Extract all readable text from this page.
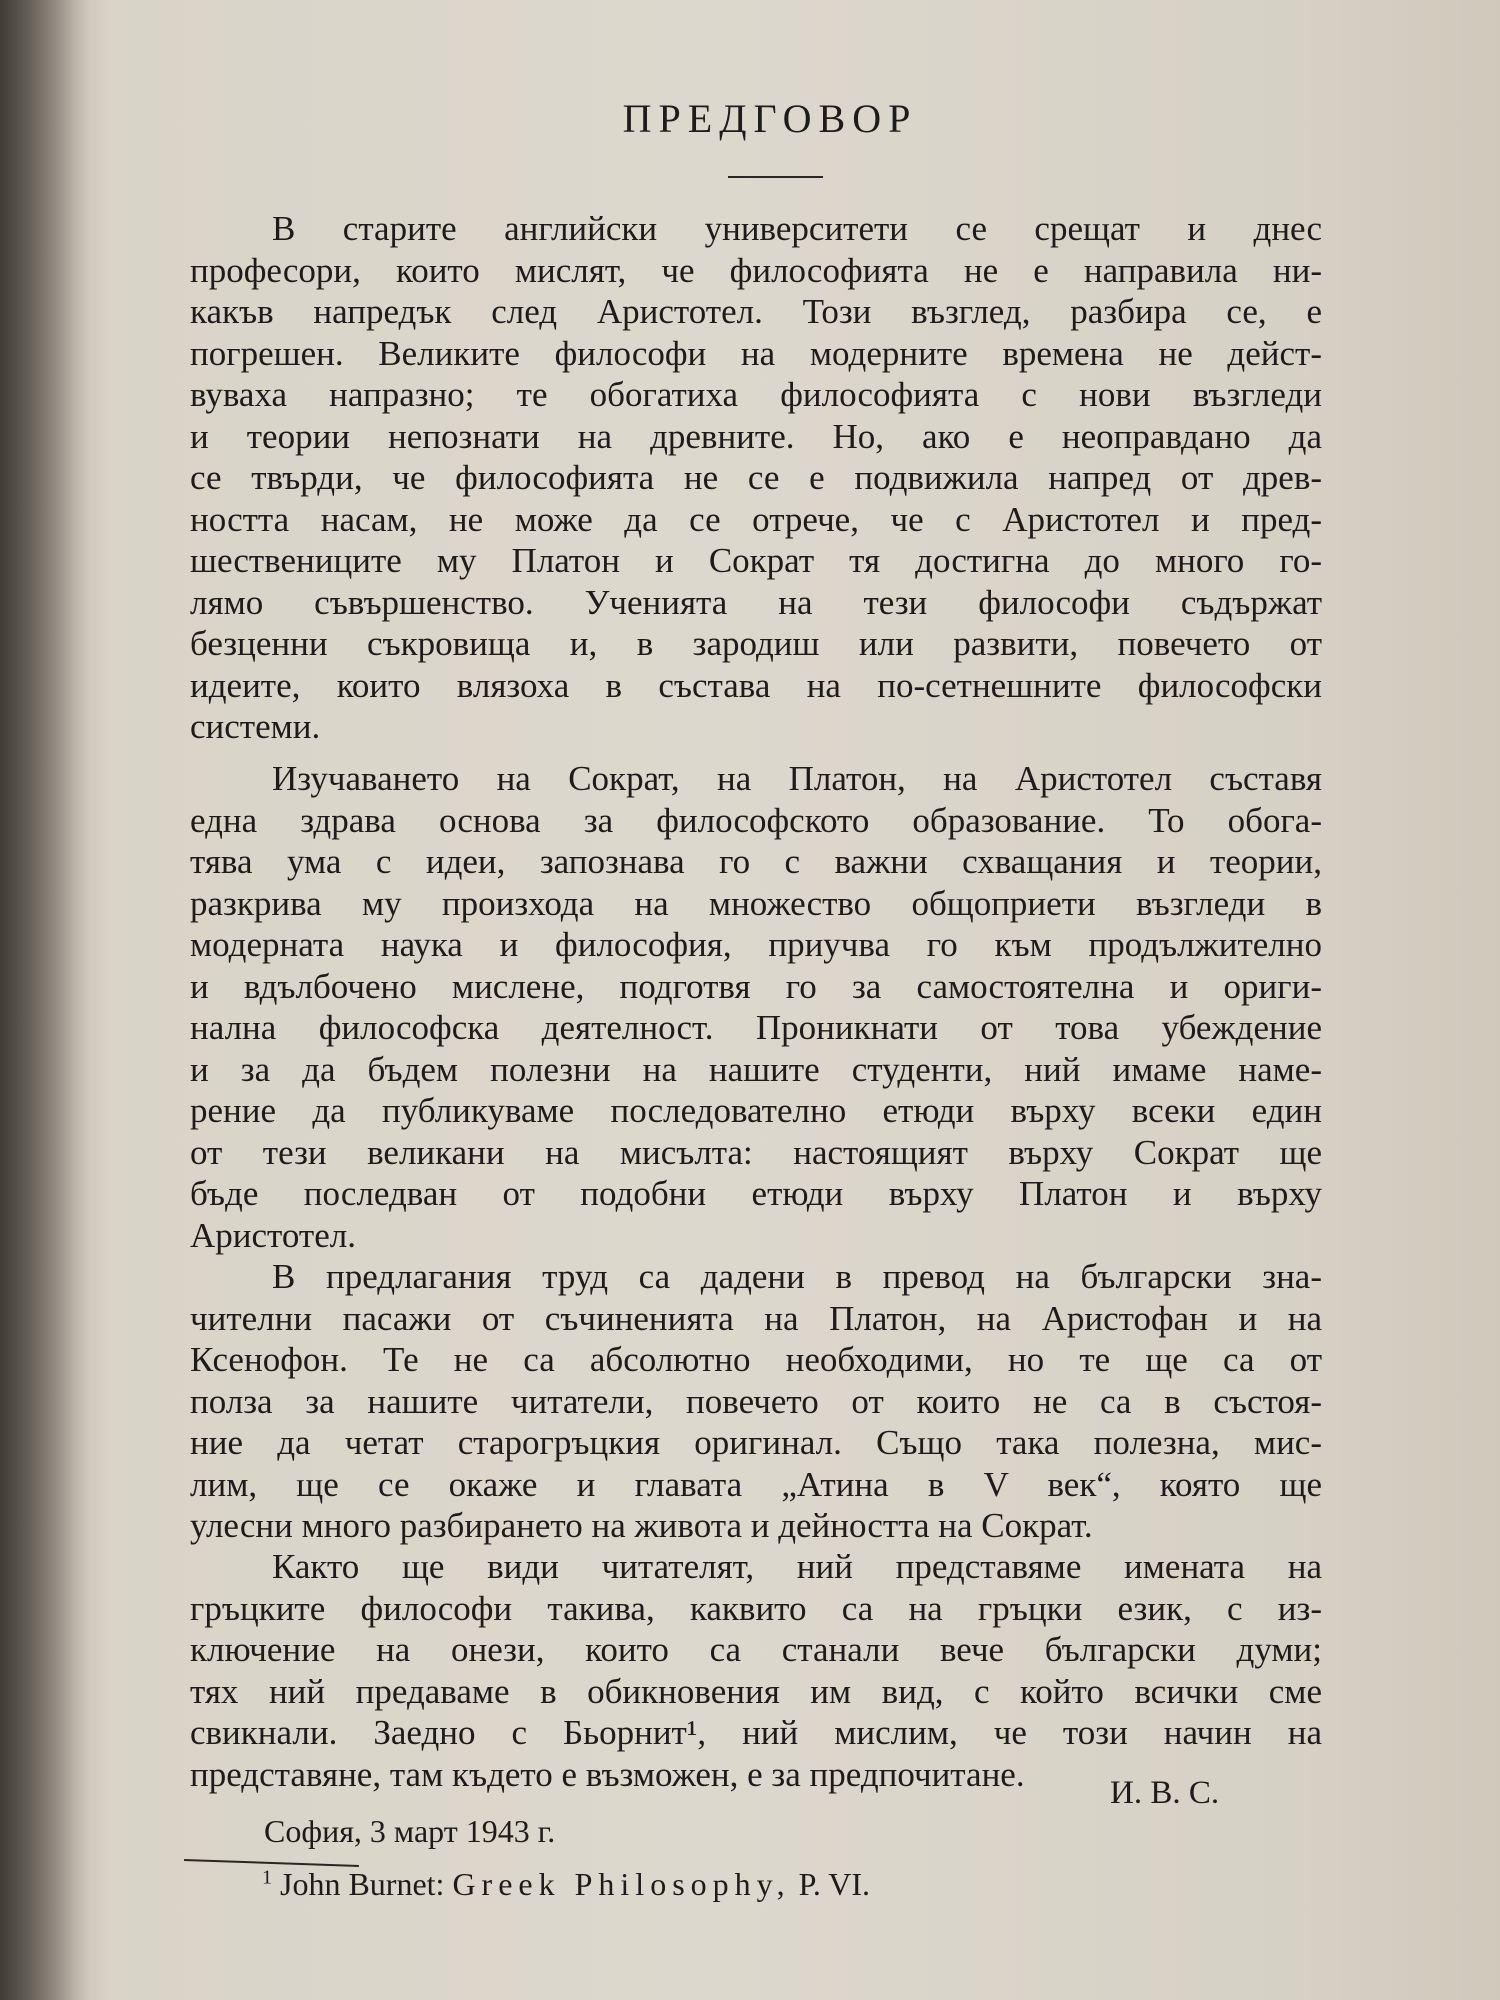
ПРЕДГОВОР
В старите английски университети се срещат и днес
професори, които мислят, че философията не е направила ни-
какъв напредък след Аристотел. Този възглед, разбира се, е
погрешен. Великите философи на модерните времена не дейст-
вуваха напразно; те обогатиха философията с нови възгледи
и теории непознати на древните. Но, ако е неоправдано да
се твърди, че философията не се е подвижила напред от древ-
ността насам, не може да се отрече, че с Аристотел и пред-
шествениците му Платон и Сократ тя достигна до много го-
лямо съвършенство. Ученията на тези философи съдържат
безценни съкровища и, в зародиш или развити, повечето от
идеите, които влязоха в състава на по-сетнешните философски
системи.
Изучаването на Сократ, на Платон, на Аристотел съставя
една здрава основа за философското образование. То обога-
тява ума с идеи, запознава го с важни схващания и теории,
разкрива му произхода на множество общоприети възгледи в
модерната наука и философия, приучва го към продължително
и вдълбочено мислене, подготвя го за самостоятелна и ориги-
нална философска деятелност. Проникнати от това убеждение
и за да бъдем полезни на нашите студенти, ний имаме наме-
рение да публикуваме последователно етюди върху всеки един
от тези великани на мисълта: настоящият върху Сократ ще
бъде последван от подобни етюди върху Платон и върху
Аристотел.
В предлагания труд са дадени в превод на български зна-
чителни пасажи от съчиненията на Платон, на Аристофан и на
Ксенофон. Те не са абсолютно необходими, но те ще са от
полза за нашите читатели, повечето от които не са в състоя-
ние да четат старогръцкия оригинал. Също така полезна, мис-
лим, ще се окаже и главата „Атина в V век“, която ще
улесни много разбирането на живота и дейността на Сократ.
Както ще види читателят, ний представяме имената на
гръцките философи такива, каквито са на гръцки език, с из-
ключение на онези, които са станали вече български думи;
тях ний предаваме в обикновения им вид, с който всички сме
свикнали. Заедно с Бьорнит¹, ний мислим, че този начин на
представяне, там където е възможен, е за предпочитане.	И. В. С.
София, 3 март 1943 г.
$^1$ John Burnet: Greek Philosophy, P. VI.
